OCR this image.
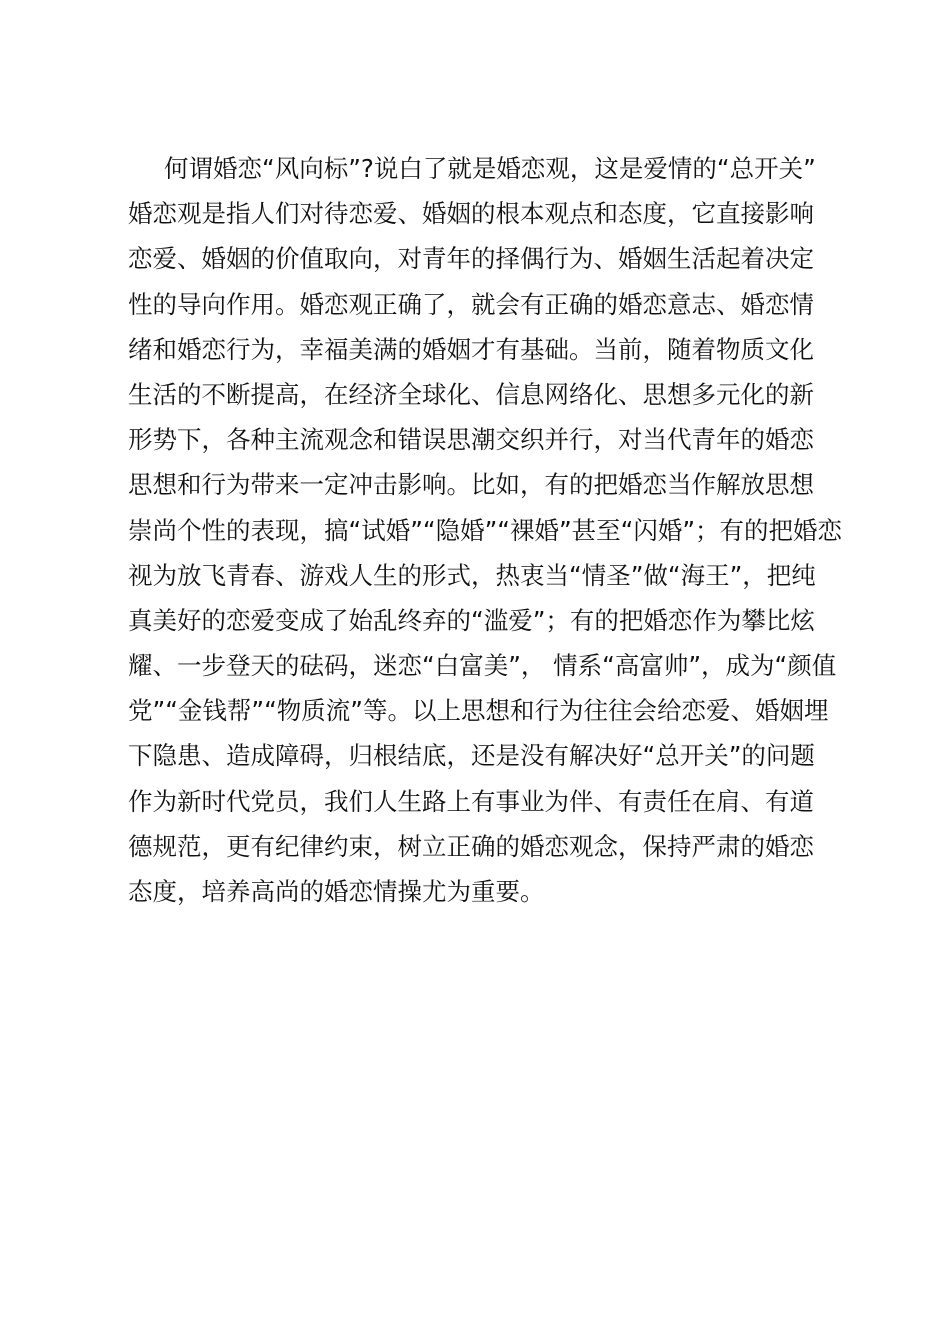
何谓婚恋“风向标”?说白了就是婚恋观，这是爱情的“总开关”
婚恋观是指人们对待恋爱、婚姻的根本观点和态度，它直接影响
恋爱、婚姻的价值取向，对青年的择偶行为、婚姻生活起着决定
性的导向作用。婚恋观正确了，就会有正确的婚恋意志、婚恋情
绪和婚恋行为，幸福美满的婚姻才有基础。当前，随着物质文化
生活的不断提高，在经济全球化、信息网络化、思想多元化的新
形势下，各种主流观念和错误思潮交织并行，对当代青年的婚恋
思想和行为带来一定冲击影响。比如，有的把婚恋当作解放思想
崇尚个性的表现，搞“试婚”“隐婚”“裸婚”甚至“闪婚”；有的把婚恋
视为放飞青春、游戏人生的形式，热衷当“情圣”做“海王”，把纯
真美好的恋爱变成了始乱终弃的“滥爱”；有的把婚恋作为攀比炫
耀、一步登天的砝码，迷恋“白富美”， 情系“高富帅”，成为“颜值
党”“金钱帮”“物质流”等。以上思想和行为往往会给恋爱、婚姻埋
下隐患、造成障碍，归根结底，还是没有解决好“总开关”的问题
作为新时代党员，我们人生路上有事业为伴、有责任在肩、有道
德规范，更有纪律约束，树立正确的婚恋观念，保持严肃的婚恋
态度，培养高尚的婚恋情操尤为重要。
